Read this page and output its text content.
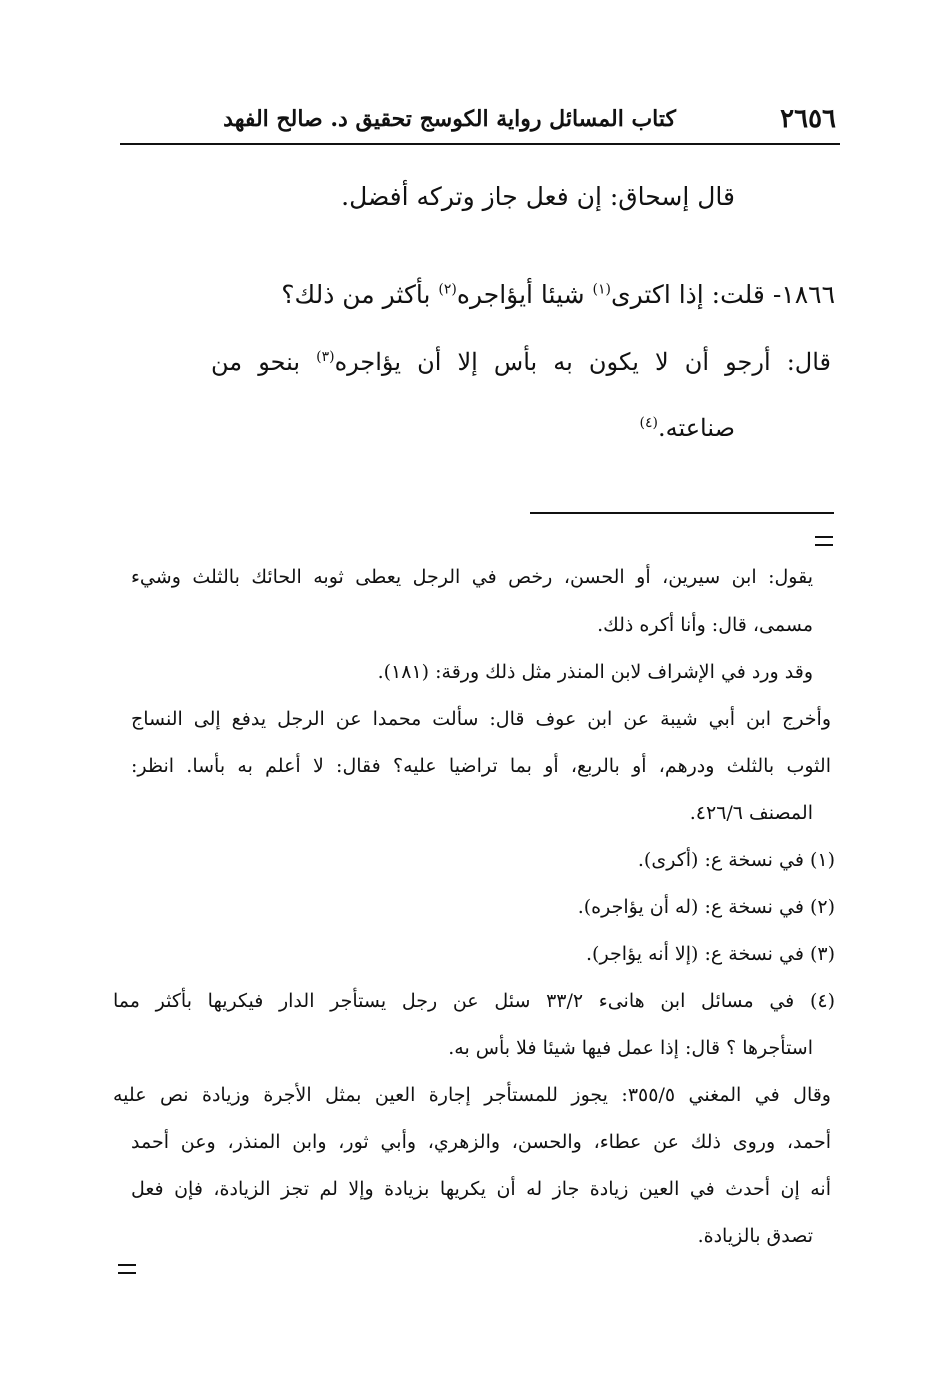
٢٦٥٦
كتاب المسائل رواية الكوسج تحقيق د. صالح الفهد
قال إسحاق: إن فعل جاز وتركه أفضل.
١٨٦٦- قلت: إذا اكترى$^{(١)}$ شيئا أيؤاجره$^{(٢)}$ بأكثر من ذلك؟
قال: أرجو أن لا يكون به بأس إلا أن يؤاجره$^{(٣)}$ بنحو من
صناعته.$^{(٤)}$
يقول: ابن سيرين، أو الحسن، رخص في الرجل يعطى ثوبه الحائك بالثلث وشيء
مسمى، قال: وأنا أكره ذلك.
وقد ورد في الإشراف لابن المنذر مثل ذلك ورقة: (١٨١).
وأخرج ابن أبي شيبة عن ابن عوف قال: سألت محمدا عن الرجل يدفع إلى النساج
الثوب بالثلث ودرهم، أو بالربع، أو بما تراضيا عليه؟ فقال: لا أعلم به بأسا. انظر:
المصنف ٤٢٦/٦.
(١) في نسخة ع: (أكرى).
(٢) في نسخة ع: (له أن يؤاجره).
(٣) في نسخة ع: (إلا أنه يؤاجر).
(٤) في مسائل ابن هانىء ٣٣/٢ سئل عن رجل يستأجر الدار فيكريها بأكثر مما
استأجرها ؟ قال: إذا عمل فيها شيئا فلا بأس به.
وقال في المغني ٣٥٥/٥: يجوز للمستأجر إجارة العين بمثل الأجرة وزيادة نص عليه
أحمد، وروى ذلك عن عطاء، والحسن، والزهري، وأبي ثور، وابن المنذر، وعن أحمد
أنه إن أحدث في العين زيادة جاز له أن يكريها بزيادة وإلا لم تجز الزيادة، فإن فعل
تصدق بالزيادة.
